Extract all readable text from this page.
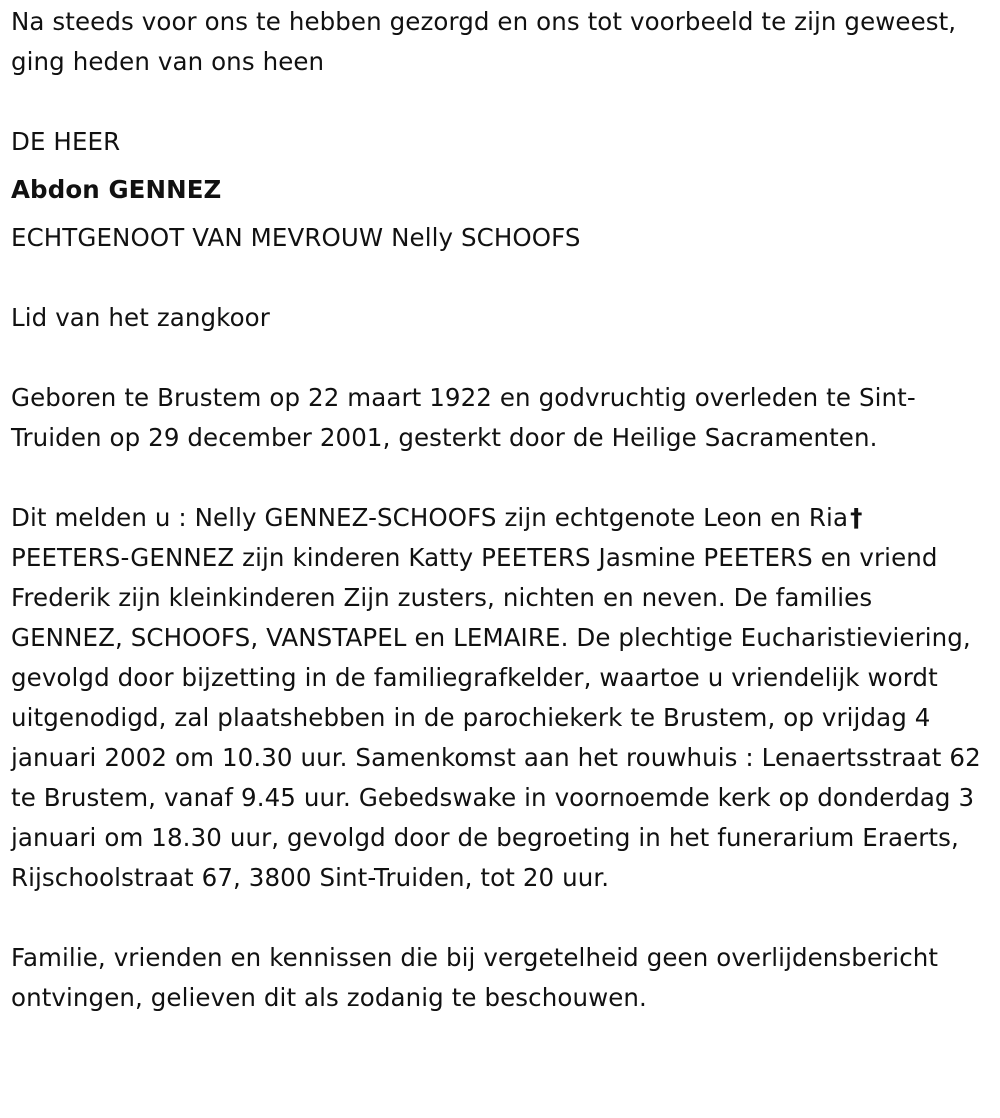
Na steeds voor ons te hebben gezorgd en ons tot voorbeeld te zijn geweest, ging heden van ons heen

DE HEER

Abdon GENNEZ

ECHTGENOOT VAN MEVROUW Nelly SCHOOFS

Lid van het zangkoor

Geboren te Brustem op 22 maart 1922 en godvruchtig overleden te Sint-Truiden op 29 december 2001, gesterkt door de Heilige Sacramenten.

Dit melden u : Nelly GENNEZ-SCHOOFS zijn echtgenote Leon en Ria† PEETERS-GENNEZ zijn kinderen Katty PEETERS Jasmine PEETERS en vriend Frederik zijn kleinkinderen Zijn zusters, nichten en neven. De families GENNEZ, SCHOOFS, VANSTAPEL en LEMAIRE. De plechtige Eucharistieviering, gevolgd door bijzetting in de familiegrafkelder, waartoe u vriendelijk wordt uitgenodigd, zal plaatshebben in de parochiekerk te Brustem, op vrijdag 4 januari 2002 om 10.30 uur. Samenkomst aan het rouwhuis : Lenaertsstraat 62 te Brustem, vanaf 9.45 uur. Gebedswake in voornoemde kerk op donderdag 3 januari om 18.30 uur, gevolgd door de begroeting in het funerarium Eraerts, Rijschoolstraat 67, 3800 Sint-Truiden, tot 20 uur.

Familie, vrienden en kennissen die bij vergetelheid geen overlijdensbericht ontvingen, gelieven dit als zodanig te beschouwen.
